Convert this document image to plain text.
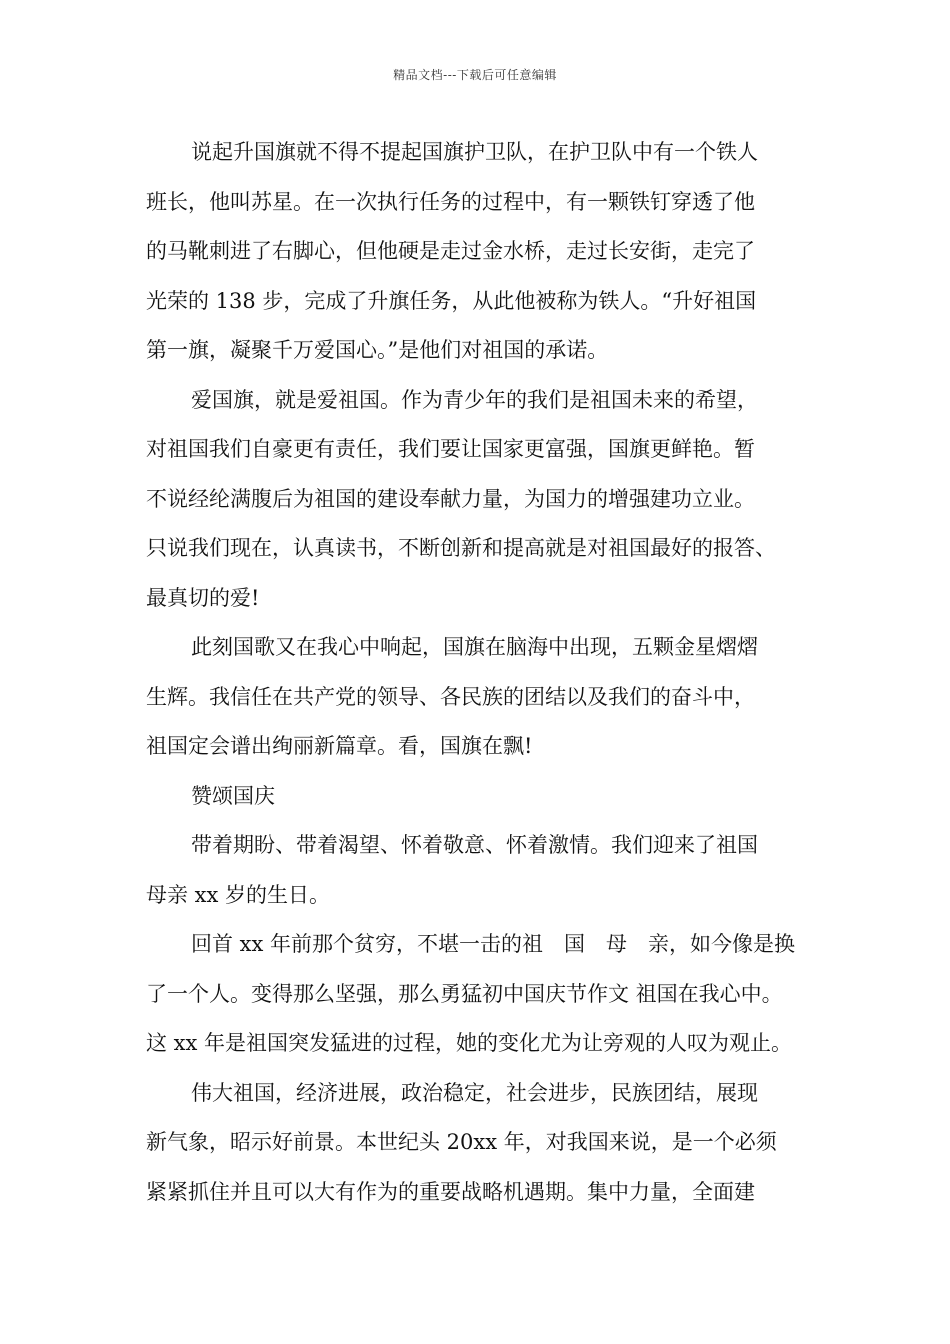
精品文档---下载后可任意编辑
说起升国旗就不得不提起国旗护卫队，在护卫队中有一个铁人
班长，他叫苏星。在一次执行任务的过程中，有一颗铁钉穿透了他
的马靴刺进了右脚心，但他硬是走过金水桥，走过长安街，走完了
光荣的 138 步，完成了升旗任务，从此他被称为铁人。“升好祖国
第一旗，凝聚千万爱国心。”是他们对祖国的承诺。
爱国旗，就是爱祖国。作为青少年的我们是祖国未来的希望，
对祖国我们自豪更有责任，我们要让国家更富强，国旗更鲜艳。暂
不说经纶满腹后为祖国的建设奉献力量，为国力的增强建功立业。
只说我们现在，认真读书，不断创新和提高就是对祖国最好的报答、
最真切的爱!
此刻国歌又在我心中响起，国旗在脑海中出现，五颗金星熠熠
生辉。我信任在共产党的领导、各民族的团结以及我们的奋斗中，
祖国定会谱出绚丽新篇章。看，国旗在飘!
赞颂国庆
带着期盼、带着渴望、怀着敬意、怀着激情。我们迎来了祖国
母亲 xx 岁的生日。
回首 xx 年前那个贫穷，不堪一击的祖　国　母　亲，如今像是换
了一个人。变得那么坚强，那么勇猛初中国庆节作文 祖国在我心中。
这 xx 年是祖国突发猛进的过程，她的变化尤为让旁观的人叹为观止。
伟大祖国，经济进展，政治稳定，社会进步，民族团结，展现
新气象，昭示好前景。本世纪头 20xx 年，对我国来说，是一个必须
紧紧抓住并且可以大有作为的重要战略机遇期。集中力量，全面建
